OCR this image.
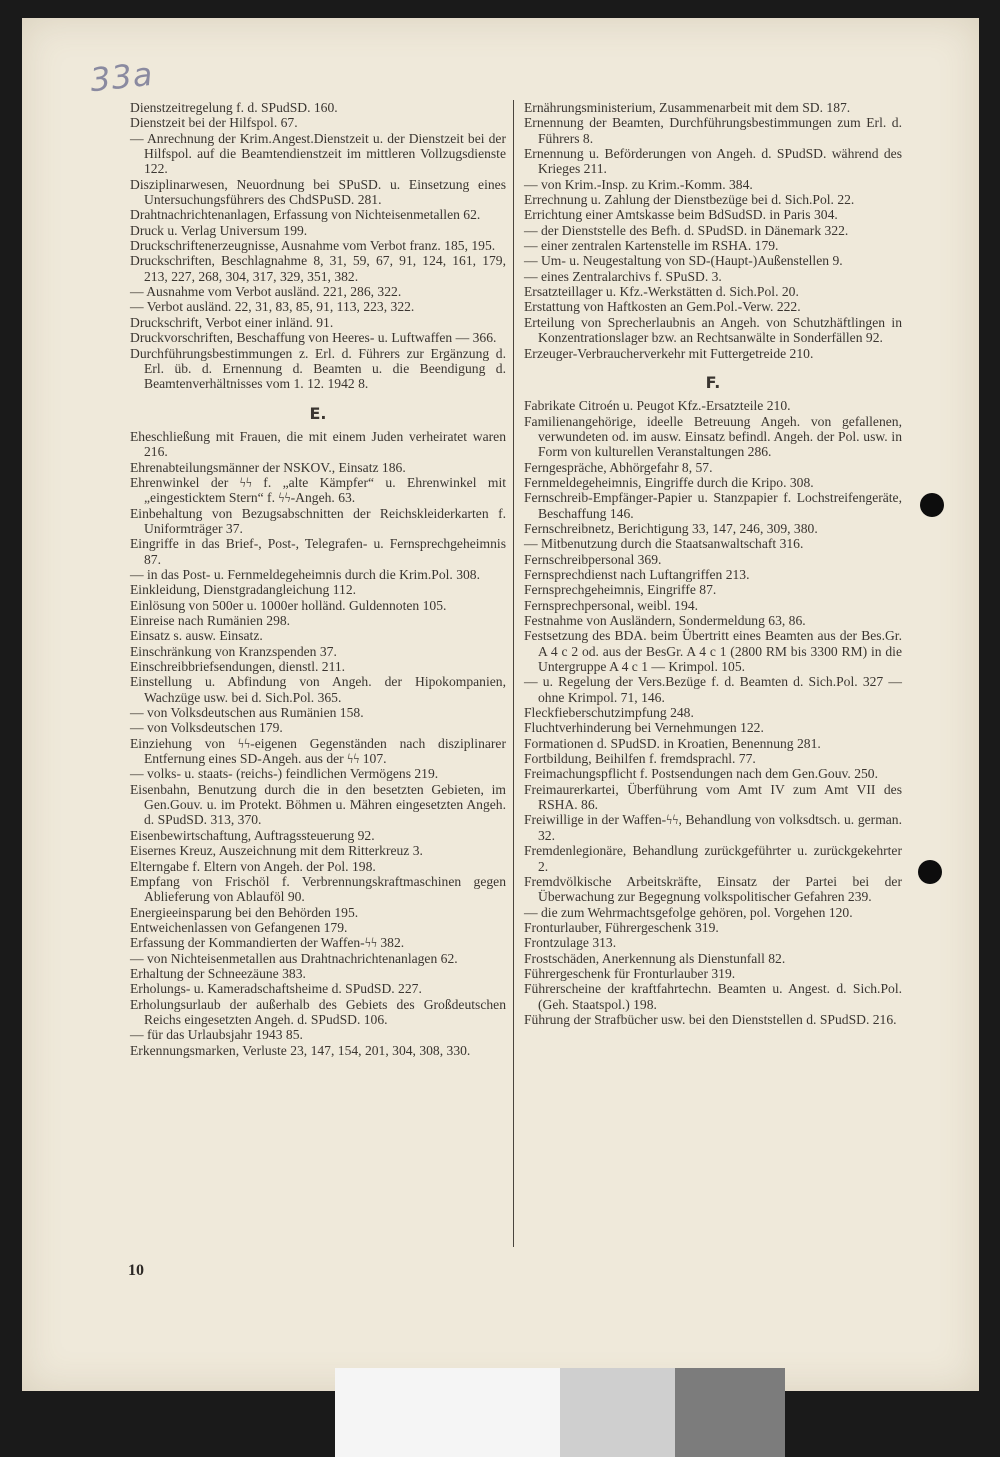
33a

Dienstzeitregelung f. d. SPudSD. 160.

Dienstzeit bei der Hilfspol. 67.

— Anrechnung der Krim.Angest.Dienstzeit u. der Dienstzeit bei der Hilfspol. auf die Beamtendienstzeit im mittleren Vollzugsdienste 122.

Disziplinarwesen, Neuordnung bei SPuSD. u. Einsetzung eines Untersuchungsführers des ChdSPuSD. 281.

Drahtnachrichtenanlagen, Erfassung von Nichteisenmetallen 62.

Druck u. Verlag Universum 199.

Druckschriftenerzeugnisse, Ausnahme vom Verbot franz. 185, 195.

Druckschriften, Beschlagnahme 8, 31, 59, 67, 91, 124, 161, 179, 213, 227, 268, 304, 317, 329, 351, 382.

— Ausnahme vom Verbot ausländ. 221, 286, 322.

— Verbot ausländ. 22, 31, 83, 85, 91, 113, 223, 322.

Druckschrift, Verbot einer inländ. 91.

Druckvorschriften, Beschaffung von Heeres- u. Luftwaffen — 366.

Durchführungsbestimmungen z. Erl. d. Führers zur Ergänzung d. Erl. üb. d. Ernennung d. Beamten u. die Beendigung d. Beamtenverhältnisses vom 1. 12. 1942 8.

E.

Eheschließung mit Frauen, die mit einem Juden verheiratet waren 216.

Ehrenabteilungsmänner der NSKOV., Einsatz 186.

Ehrenwinkel der ϟϟ f. „alte Kämpfer“ u. Ehrenwinkel mit „eingesticktem Stern“ f. ϟϟ-Angeh. 63.

Einbehaltung von Bezugsabschnitten der Reichskleiderkarten f. Uniformträger 37.

Eingriffe in das Brief-, Post-, Telegrafen- u. Fernsprechgeheimnis 87.

— in das Post- u. Fernmeldegeheimnis durch die Krim.Pol. 308.

Einkleidung, Dienstgradangleichung 112.

Einlösung von 500er u. 1000er holländ. Guldennoten 105.

Einreise nach Rumänien 298.

Einsatz s. ausw. Einsatz.

Einschränkung von Kranzspenden 37.

Einschreibbriefsendungen, dienstl. 211.

Einstellung u. Abfindung von Angeh. der Hipokompanien, Wachzüge usw. bei d. Sich.Pol. 365.

— von Volksdeutschen aus Rumänien 158.

— von Volksdeutschen 179.

Einziehung von ϟϟ-eigenen Gegenständen nach disziplinarer Entfernung eines SD-Angeh. aus der ϟϟ 107.

— volks- u. staats- (reichs-) feindlichen Vermögens 219.

Eisenbahn, Benutzung durch die in den besetzten Gebieten, im Gen.Gouv. u. im Protekt. Böhmen u. Mähren eingesetzten Angeh. d. SPudSD. 313, 370.

Eisenbewirtschaftung, Auftragssteuerung 92.

Eisernes Kreuz, Auszeichnung mit dem Ritterkreuz 3.

Elterngabe f. Eltern von Angeh. der Pol. 198.

Empfang von Frischöl f. Verbrennungskraftmaschinen gegen Ablieferung von Ablauföl 90.

Energieeinsparung bei den Behörden 195.

Entweichenlassen von Gefangenen 179.

Erfassung der Kommandierten der Waffen-ϟϟ 382.

— von Nichteisenmetallen aus Drahtnachrichtenanlagen 62.

Erhaltung der Schneezäune 383.

Erholungs- u. Kameradschaftsheime d. SPudSD. 227.

Erholungsurlaub der außerhalb des Gebiets des Großdeutschen Reichs eingesetzten Angeh. d. SPudSD. 106.

— für das Urlaubsjahr 1943 85.

Erkennungsmarken, Verluste 23, 147, 154, 201, 304, 308, 330.

Ernährungsministerium, Zusammenarbeit mit dem SD. 187.

Ernennung der Beamten, Durchführungsbestimmungen zum Erl. d. Führers 8.

Ernennung u. Beförderungen von Angeh. d. SPudSD. während des Krieges 211.

— von Krim.-Insp. zu Krim.-Komm. 384.

Errechnung u. Zahlung der Dienstbezüge bei d. Sich.Pol. 22.

Errichtung einer Amtskasse beim BdSudSD. in Paris 304.

— der Dienststelle des Befh. d. SPudSD. in Dänemark 322.

— einer zentralen Kartenstelle im RSHA. 179.

— Um- u. Neugestaltung von SD-(Haupt-)Außenstellen 9.

— eines Zentralarchivs f. SPuSD. 3.

Ersatzteillager u. Kfz.-Werkstätten d. Sich.Pol. 20.

Erstattung von Haftkosten an Gem.Pol.-Verw. 222.

Erteilung von Sprecherlaubnis an Angeh. von Schutzhäftlingen in Konzentrationslager bzw. an Rechtsanwälte in Sonderfällen 92.

Erzeuger-Verbraucherverkehr mit Futtergetreide 210.

F.

Fabrikate Citroén u. Peugot Kfz.-Ersatzteile 210.

Familienangehörige, ideelle Betreuung Angeh. von gefallenen, verwundeten od. im ausw. Einsatz befindl. Angeh. der Pol. usw. in Form von kulturellen Veranstaltungen 286.

Ferngespräche, Abhörgefahr 8, 57.

Fernmeldegeheimnis, Eingriffe durch die Kripo. 308.

Fernschreib-Empfänger-Papier u. Stanzpapier f. Lochstreifengeräte, Beschaffung 146.

Fernschreibnetz, Berichtigung 33, 147, 246, 309, 380.

— Mitbenutzung durch die Staatsanwaltschaft 316.

Fernschreibpersonal 369.

Fernsprechdienst nach Luftangriffen 213.

Fernsprechgeheimnis, Eingriffe 87.

Fernsprechpersonal, weibl. 194.

Festnahme von Ausländern, Sondermeldung 63, 86.

Festsetzung des BDA. beim Übertritt eines Beamten aus der Bes.Gr. A 4 c 2 od. aus der BesGr. A 4 c 1 (2800 RM bis 3300 RM) in die Untergruppe A 4 c 1 — Krimpol. 105.

— u. Regelung der Vers.Bezüge f. d. Beamten d. Sich.Pol. 327 — ohne Krimpol. 71, 146.

Fleckfieberschutzimpfung 248.

Fluchtverhinderung bei Vernehmungen 122.

Formationen d. SPudSD. in Kroatien, Benennung 281.

Fortbildung, Beihilfen f. fremdsprachl. 77.

Freimachungspflicht f. Postsendungen nach dem Gen.Gouv. 250.

Freimaurerkartei, Überführung vom Amt IV zum Amt VII des RSHA. 86.

Freiwillige in der Waffen-ϟϟ, Behandlung von volksdtsch. u. german. 32.

Fremdenlegionäre, Behandlung zurückgeführter u. zurückgekehrter 2.

Fremdvölkische Arbeitskräfte, Einsatz der Partei bei der Überwachung zur Begegnung volkspolitischer Gefahren 239.

— die zum Wehrmachtsgefolge gehören, pol. Vorgehen 120.

Fronturlauber, Führergeschenk 319.

Frontzulage 313.

Frostschäden, Anerkennung als Dienstunfall 82.

Führergeschenk für Fronturlauber 319.

Führerscheine der kraftfahrtechn. Beamten u. Angest. d. Sich.Pol. (Geh. Staatspol.) 198.

Führung der Strafbücher usw. bei den Dienststellen d. SPudSD. 216.

10
